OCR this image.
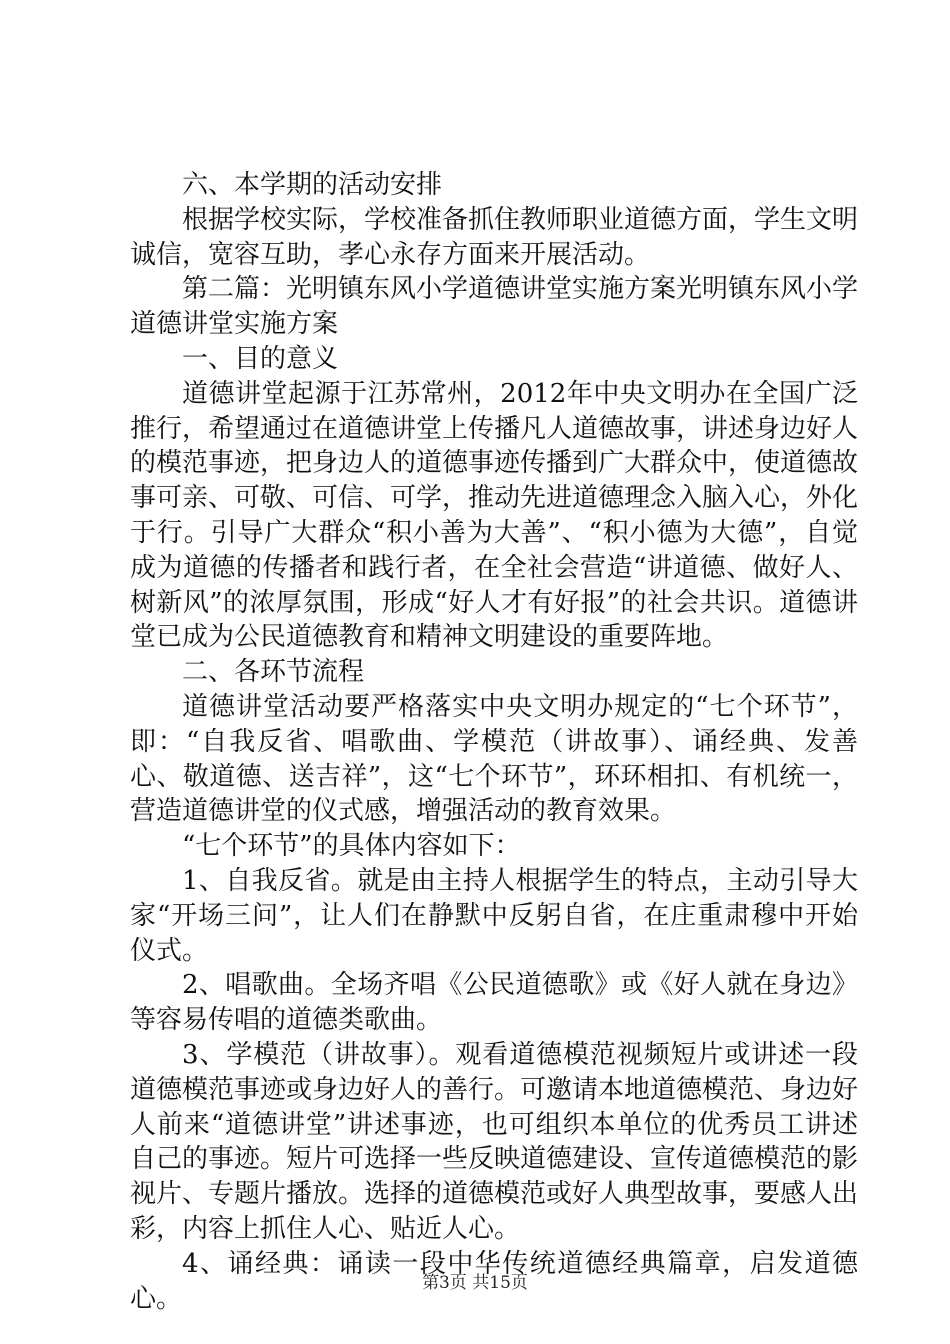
六、本学期的活动安排

根据学校实际，学校准备抓住教师职业道德方面，学生文明诚信，宽容互助，孝心永存方面来开展活动。

第二篇：光明镇东风小学道德讲堂实施方案光明镇东风小学道德讲堂实施方案

一、目的意义

道德讲堂起源于江苏常州，2012年中央文明办在全国广泛推行，希望通过在道德讲堂上传播凡人道德故事，讲述身边好人的模范事迹，把身边人的道德事迹传播到广大群众中，使道德故事可亲、可敬、可信、可学，推动先进道德理念入脑入心，外化于行。引导广大群众“积小善为大善”、“积小德为大德”，自觉成为道德的传播者和践行者，在全社会营造“讲道德、做好人、树新风”的浓厚氛围，形成“好人才有好报”的社会共识。道德讲堂已成为公民道德教育和精神文明建设的重要阵地。

二、各环节流程

道德讲堂活动要严格落实中央文明办规定的“七个环节”，即：“自我反省、唱歌曲、学模范（讲故事）、诵经典、发善心、敬道德、送吉祥”，这“七个环节”，环环相扣、有机统一，营造道德讲堂的仪式感，增强活动的教育效果。

“七个环节”的具体内容如下：

1、自我反省。就是由主持人根据学生的特点，主动引导大家“开场三问”，让人们在静默中反躬自省，在庄重肃穆中开始仪式。

2、唱歌曲。全场齐唱《公民道德歌》或《好人就在身边》等容易传唱的道德类歌曲。

3、学模范（讲故事）。观看道德模范视频短片或讲述一段道德模范事迹或身边好人的善行。可邀请本地道德模范、身边好人前来“道德讲堂”讲述事迹，也可组织本单位的优秀员工讲述自己的事迹。短片可选择一些反映道德建设、宣传道德模范的影视片、专题片播放。选择的道德模范或好人典型故事，要感人出彩，内容上抓住人心、贴近人心。

4、诵经典：诵读一段中华传统道德经典篇章，启发道德心。

第3页 共15页
